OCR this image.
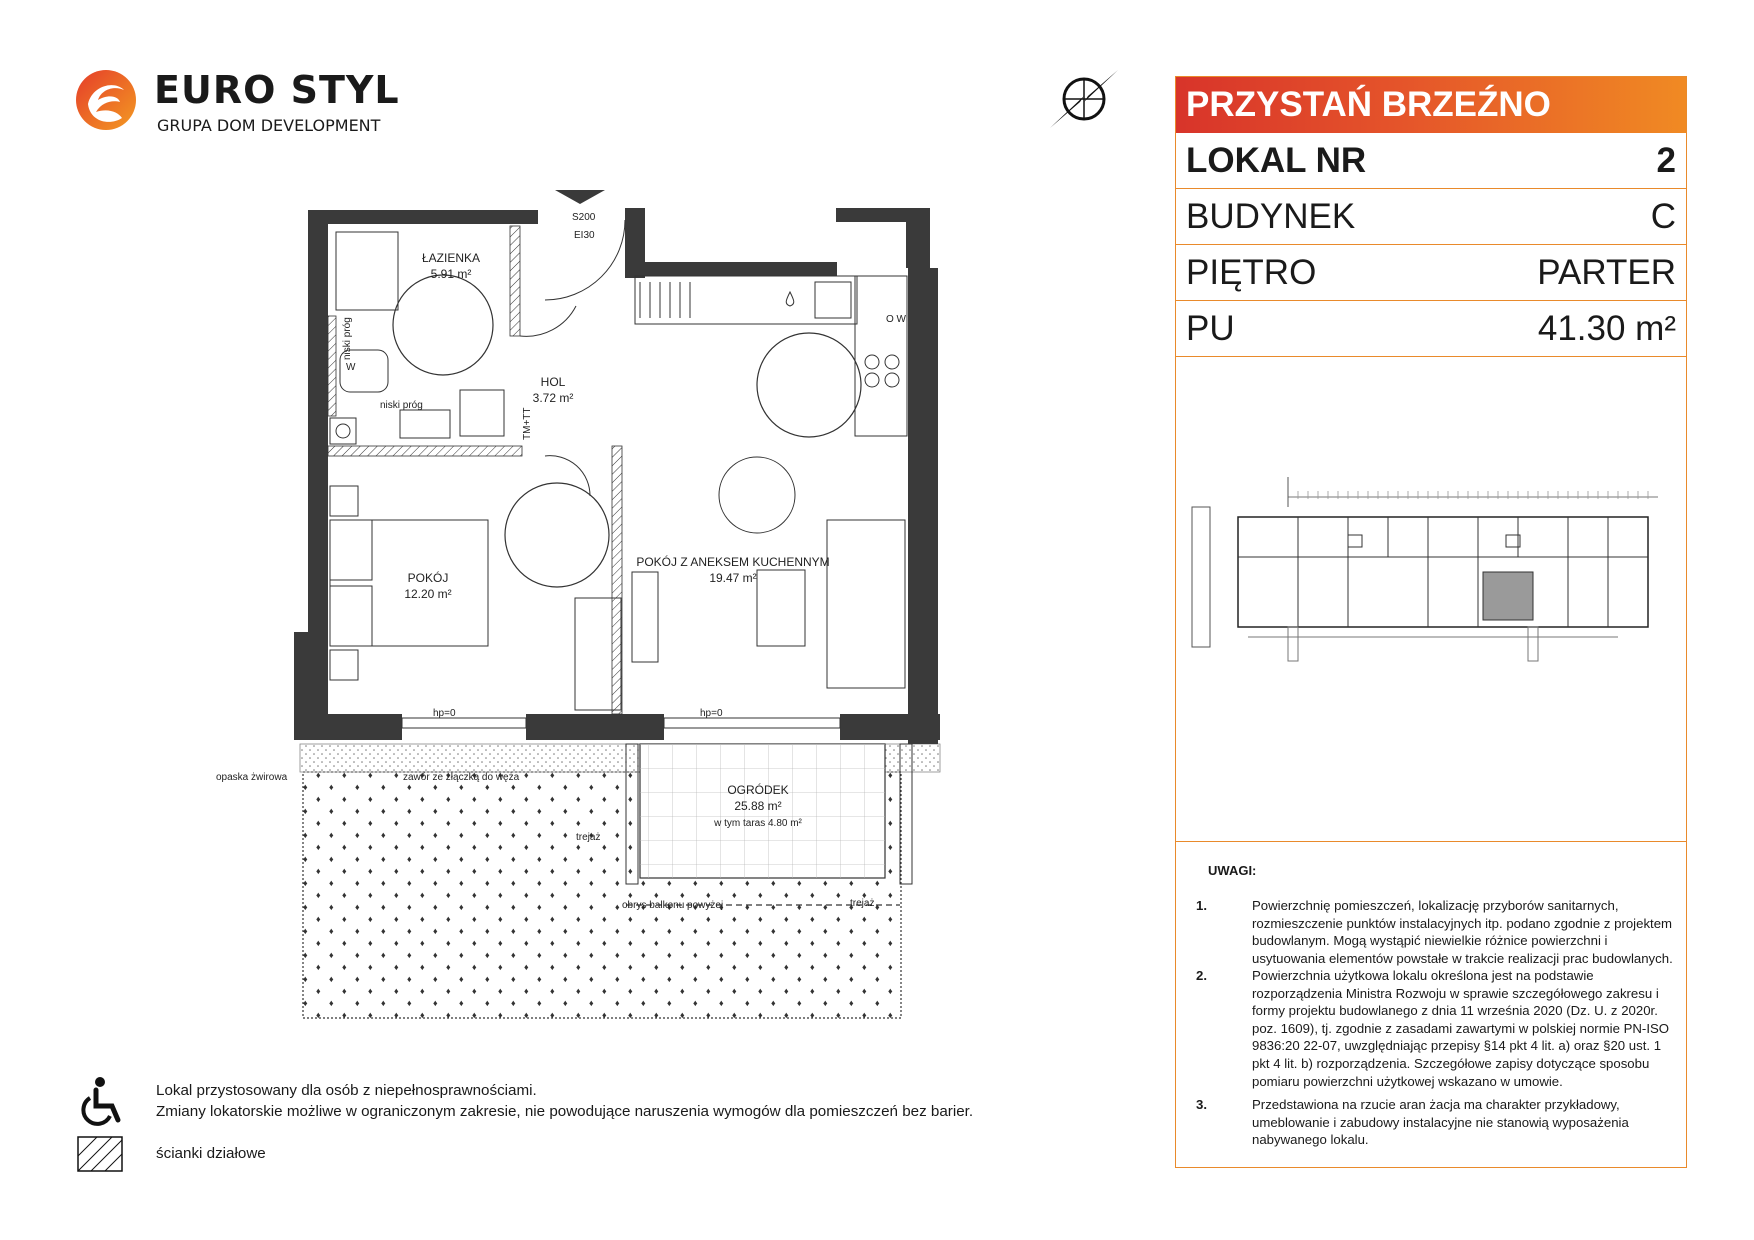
EURO STYL
GRUPA DOM DEVELOPMENT
PRZYSTAŃ BRZEŹNO
LOKAL NR	2
BUDYNEK	C
PIĘTRO	PARTER
PU	41.30 m²
UWAGI:
1.	Powierzchnię pomieszczeń, lokalizację przyborów sanitarnych, rozmieszczenie punktów instalacyjnych itp. podano zgodnie z projektem budowlanym. Mogą wystąpić niewielkie różnice powierzchni i usytuowania elementów powstałe w trakcie realizacji prac budowlanych.
2.	Powierzchnia użytkowa lokalu określona jest na podstawie rozporządzenia Ministra Rozwoju w sprawie szczegółowego zakresu i formy projektu budowlanego z dnia 11 września 2020 (Dz. U. z 2020r. poz. 1609), tj. zgodnie z zasadami zawartymi w polskiej normie PN-ISO 9836:20 22-07, uwzględniając przepisy §14 pkt 4 lit. a) oraz §20 ust. 1 pkt 4 lit. b) rozporządzenia. Szczegółowe zapisy dotyczące sposobu pomiaru powierzchni użytkowej wskazano w umowie.
3.	Przedstawiona na rzucie aran żacja ma charakter przykładowy, umeblowanie i zabudowy instalacyjne nie stanowią wyposażenia nabywanego lokalu.
ŁAZIENKA
5.91 m²
HOL
3.72 m²
POKÓJ
12.20 m²
POKÓJ Z ANEKSEM KUCHENNYM
19.47 m²
OGRÓDEK
25.88 m²
w tym taras 4.80 m²
S200
EI30
niski próg
niski próg
TM+TT
O W
W
hp=0	hp=0
opaska żwirowa	zawór ze złączką do węża
trejaż
trejaż
obrys balkonu powyżej
Lokal przystosowany dla osób z niepełnosprawnościami.
Zmiany lokatorskie możliwe w ograniczonym zakresie, nie powodujące naruszenia wymogów dla pomieszczeń bez barier.
ścianki działowe
